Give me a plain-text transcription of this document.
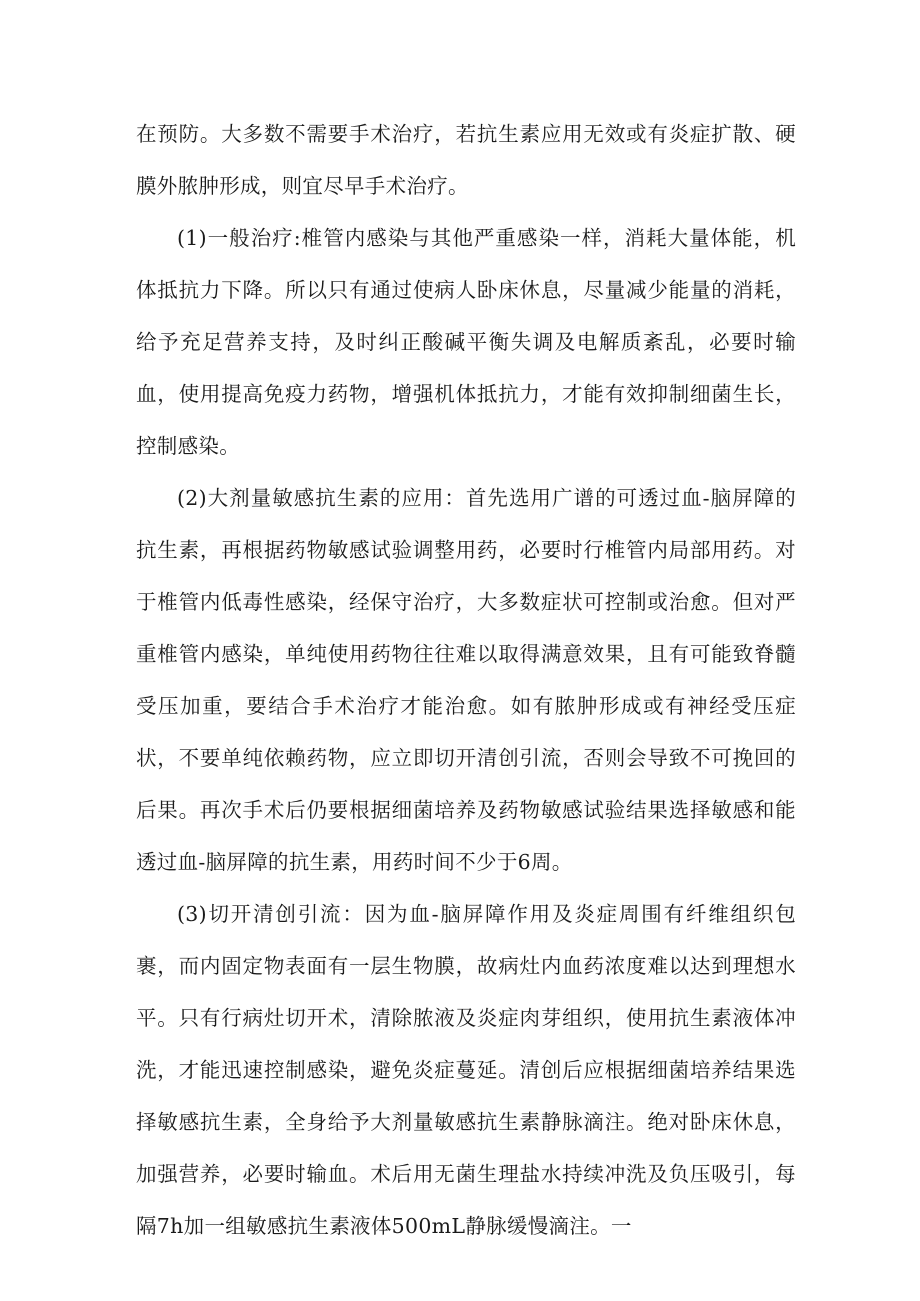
在预防。大多数不需要手术治疗，若抗生素应用无效或有炎症扩散、硬膜外脓肿形成，则宜尽早手术治疗。

(1)一般治疗:椎管内感染与其他严重感染一样，消耗大量体能，机体抵抗力下降。所以只有通过使病人卧床休息，尽量减少能量的消耗，给予充足营养支持，及时纠正酸碱平衡失调及电解质紊乱，必要时输血，使用提高免疫力药物，增强机体抵抗力，才能有效抑制细菌生长，控制感染。

(2)大剂量敏感抗生素的应用：首先选用广谱的可透过血-脑屏障的抗生素，再根据药物敏感试验调整用药，必要时行椎管内局部用药。对于椎管内低毒性感染，经保守治疗，大多数症状可控制或治愈。但对严重椎管内感染，单纯使用药物往往难以取得满意效果，且有可能致脊髓受压加重，要结合手术治疗才能治愈。如有脓肿形成或有神经受压症状，不要单纯依赖药物，应立即切开清创引流，否则会导致不可挽回的后果。再次手术后仍要根据细菌培养及药物敏感试验结果选择敏感和能透过血-脑屏障的抗生素，用药时间不少于6周。

(3)切开清创引流：因为血-脑屏障作用及炎症周围有纤维组织包裹，而内固定物表面有一层生物膜，故病灶内血药浓度难以达到理想水平。只有行病灶切开术，清除脓液及炎症肉芽组织，使用抗生素液体冲洗，才能迅速控制感染，避免炎症蔓延。清创后应根据细菌培养结果选择敏感抗生素，全身给予大剂量敏感抗生素静脉滴注。绝对卧床休息，加强营养，必要时输血。术后用无菌生理盐水持续冲洗及负压吸引，每隔7h加一组敏感抗生素液体500mL静脉缓慢滴注。一
